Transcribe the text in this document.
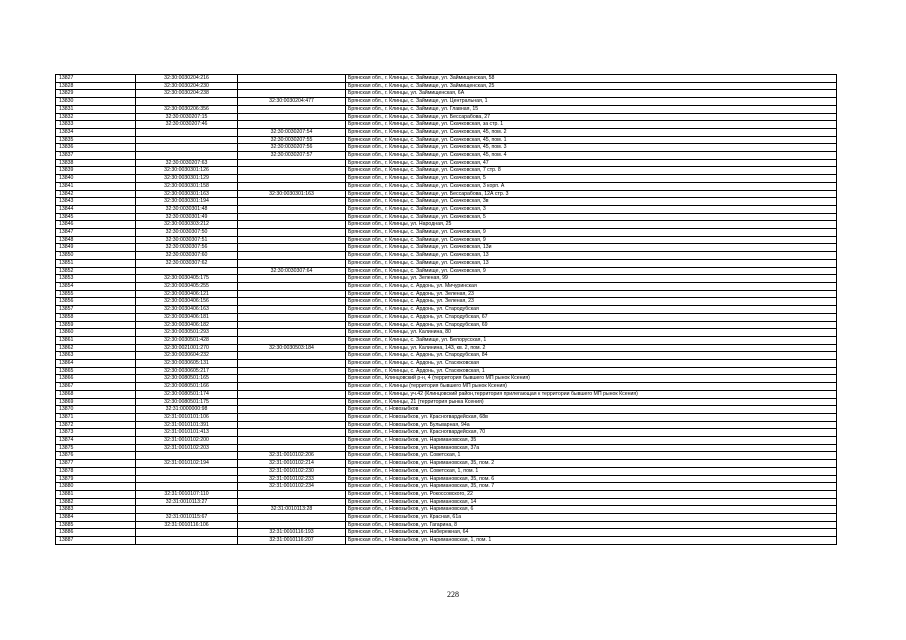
13827	32:30:0030204:216		Брянская обл., г. Клинцы, с. Займище, ул. Займищенская, 58
13828	32:30:0030204:230		Брянская обл., г. Клинцы, с. Займище, ул. Займищенская, 25
13829	32:30:0030204:238		Брянская обл., г. Клинцы, ул. Займищенская, 6А
13830		32:30:0030204:477	Брянская обл., г. Клинцы, с. Займище, ул. Центральная, 1
13831	32:30:0030206:356		Брянская обл., г. Клинцы, с. Займище, ул. Главная, 15
13832	32:30:0030207:15		Брянская обл., г. Клинцы, с. Займище, ул. Бессарабова, 27
13833	32:30:0030207:46		Брянская обл., г. Клинцы, с. Займище, ул. Скачковская, за стр. 1
13834		32:30:0030207:54	Брянская обл., г. Клинцы, с. Займище, ул. Скачковская, 45, пом. 2
13835		32:30:0030207:55	Брянская обл., г. Клинцы, с. Займище, ул. Скачковская, 45, пом. 1
13836		32:30:0030207:56	Брянская обл., г. Клинцы, с. Займище, ул. Скачковская, 45, пом. 3
13837		32:30:0030207:57	Брянская обл., г. Клинцы, с. Займище, ул. Скачковская, 45, пом. 4
13838	32:30:0030207:63		Брянская обл., г. Клинцы, с. Займище, ул. Скачковская, 47
13839	32:30:0030301:126		Брянская обл., г. Клинцы, с. Займище, ул. Скачковская, 7 стр. 8
13840	32:30:0030301:129		Брянская обл., г. Клинцы, с. Займище, ул. Скачковская, 5
13841	32:30:0030301:158		Брянская обл., г. Клинцы, с. Займище, ул. Скачковская, 3 корп. А
13842	32:30:0030301:163	32:30:0030301:163	Брянская обл., г. Клинцы, с. Займище, ул. Бессарабова, 12А стр. 3
13843	32:30:0030301:194		Брянская обл., г. Клинцы, с. Займище, ул. Скачковская, 3в
13844	32:30:0030301:48		Брянская обл., г. Клинцы, с. Займище, ул. Скачковская, 3
13845	32:30:0030301:49		Брянская обл., г. Клинцы, с. Займище, ул. Скачковская, 5
13846	32:30:0030303:212		Брянская обл., г. Клинцы, ул. Народная, 25
13847	32:30:0030307:50		Брянская обл., г. Клинцы, с. Займище, ул. Скачковская, 9
13848	32:30:0030307:51		Брянская обл., г. Клинцы, с. Займище, ул. Скачковская, 9
13849	32:30:0030307:56		Брянская обл., г. Клинцы, с. Займище, ул. Скачковская, 13и
13850	32:30:0030307:60		Брянская обл., г. Клинцы, с. Займище, ул. Скачковская, 13
13851	32:30:0030307:62		Брянская обл., г. Клинцы, с. Займище, ул. Скачковская, 13
13852		32:30:0030307:64	Брянская обл., г. Клинцы, с. Займище, ул. Скачковская, 9
13853	32:30:0030405:175		Брянская обл., г. Клинцы, ул. Зеленая, 99
13854	32:30:0030405:255		Брянская обл., г. Клинцы, с. Ардонь, ул. Мичуринская
13855	32:30:0030406:121		Брянская обл., г. Клинцы, с. Ардонь, ул. Зеленая, 23
13856	32:30:0030406:156		Брянская обл., г. Клинцы, с. Ардонь, ул. Зеленая, 23
13857	32:30:0030406:163		Брянская обл., г. Клинцы, с. Ардонь, ул. Стародубская
13858	32:30:0030406:181		Брянская обл., г. Клинцы, с. Ардонь, ул. Стародубская, 67
13859	32:30:0030406:182		Брянская обл., г. Клинцы, с. Ардонь, ул. Стародубская, 69
13860	32:30:0030501:293		Брянская обл., г. Клинцы, ул. Калинина, 80
13861	32:30:0030501:428		Брянская обл., г. Клинцы, с. Займище, ул. Белорусская, 1
13862	32:30:0021001:270	32:30:0030503:184	Брянская обл., г. Клинцы, ул. Калинина, 143, кв. 2, пом. 2
13863	32:30:0030604:232		Брянская обл., г. Клинцы, с. Ардонь, ул. Стародубская, 84
13864	32:30:0030605:131		Брянская обл., г. Клинцы, с. Ардонь, ул. Стасюковская
13865	32:30:0030605:217		Брянская обл., г. Клинцы, с. Ардонь, ул. Стасюковская, 1
13866	32:30:0080501:165		Брянская обл., Клинцовский р-н, 4 (территория бывшего МП рынок Ксения)
13867	32:30:0080501:166		Брянская обл., г. Клинцы (территория бывшего МП рынок Ксения)
13868	32:30:0080501:174		Брянская обл., г. Клинцы, уч.42 (Клинцовский район,территория прилегающая к территории бывшего МП рынок Ксения)
13869	32:30:0080501:175		Брянская обл., г. Клинцы, 21 (территория рынка Ксения)
13870	32:31:0000000:98		Брянская обл., г. Новозыбков
13871	32:31:0010101:106		Брянская обл., г. Новозыбков, ул. Красногвардейская, 68в
13872	32:31:0010101:391		Брянская обл., г. Новозыбков, ул. Бульварная, 94а
13873	32:31:0010101:413		Брянская обл., г. Новозыбков, ул. Красногвардейская, 70
13874	32:31:0010102:200		Брянская обл., г. Новозыбков, ул. Наримановская, 35
13875	32:31:0010102:203		Брянская обл., г. Новозыбков, ул. Наримановская, 37а
13876		32:31:0010102:206	Брянская обл., г. Новозыбков, ул. Советская, 1
13877	32:31:0010102:194	32:31:0010102:214	Брянская обл., г. Новозыбков, ул. Наримановская, 35, пом. 2
13878		32:31:0010102:230	Брянская обл., г. Новозыбков, ул. Советская, 1, пом. 1
13879		32:31:0010102:233	Брянская обл., г. Новозыбков, ул. Наримановская, 35, пом. 6
13880		32:31:0010102:234	Брянская обл., г. Новозыбков, ул. Наримановская, 35, пом. 7
13881	32:31:0010107:110		Брянская обл., г. Новозыбков, ул. Рокоссовского, 22
13882	32:31:0010113:27		Брянская обл., г. Новозыбков, ул. Наримановская, 14
13883		32:31:0010113:28	Брянская обл., г. Новозыбков, ул. Наримановская, 6
13884	32:31:0010115:67		Брянская обл., г. Новозыбков, ул. Красная, 61а
13885	32:31:0010116:106		Брянская обл., г. Новозыбков, ул. Гагарина, 8
13886		32:31:0010116:193	Брянская обл., г. Новозыбков, ул. Набережная, 64
13887		32:31:0010116:207	Брянская обл., г. Новозыбков, ул. Наримановская, 1, пом. 1
228
